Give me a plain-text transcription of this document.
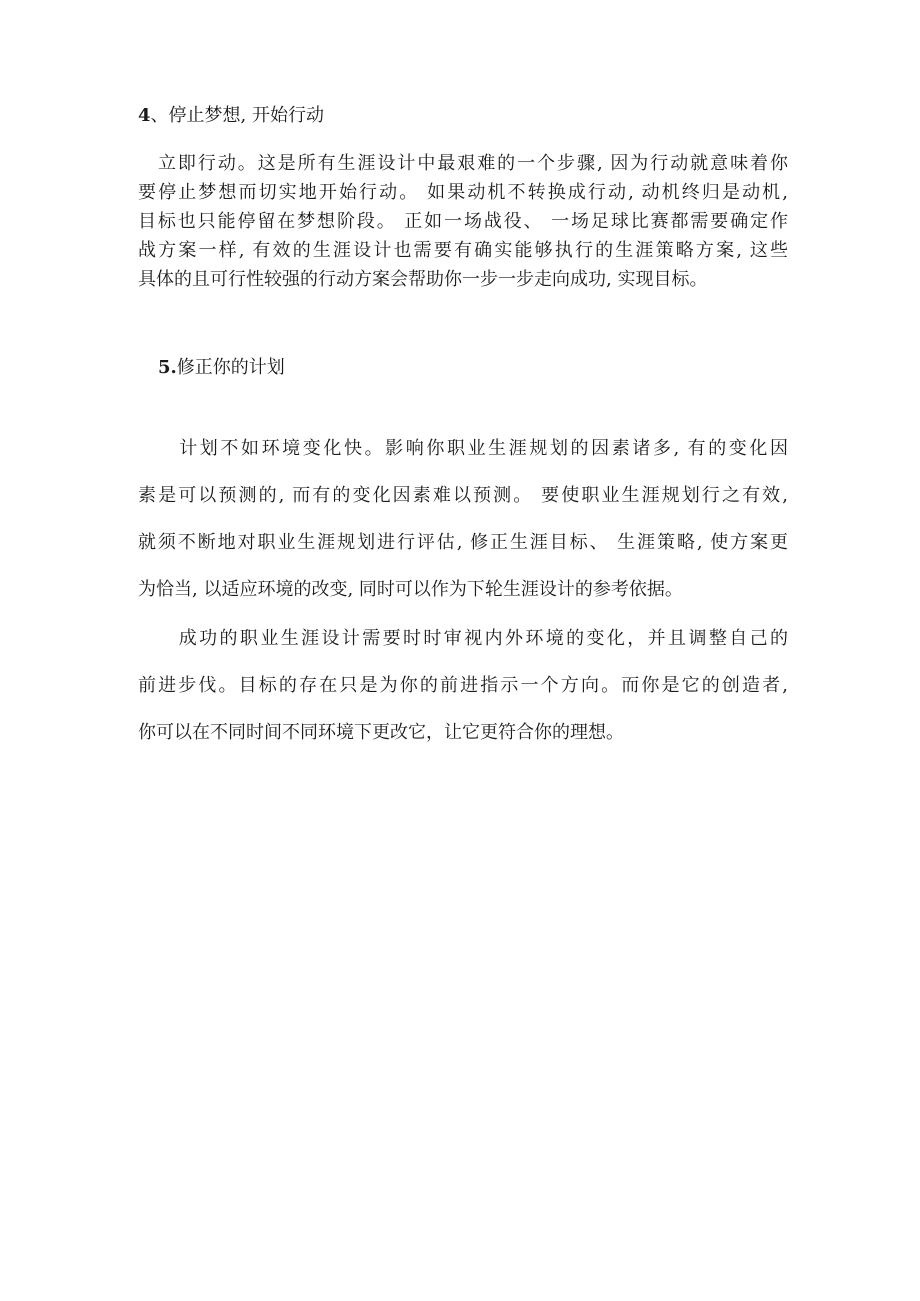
4、停止梦想, 开始行动
　立即行动。这是所有生涯设计中最艰难的一个步骤, 因为行动就意味着你
要停止梦想而切实地开始行动。 如果动机不转换成行动, 动机终归是动机,
目标也只能停留在梦想阶段。 正如一场战役、 一场足球比赛都需要确定作
战方案一样, 有效的生涯设计也需要有确实能够执行的生涯策略方案, 这些
具体的且可行性较强的行动方案会帮助你一步一步走向成功, 实现目标。
5.修正你的计划
　　计划不如环境变化快。影响你职业生涯规划的因素诸多, 有的变化因
素是可以预测的, 而有的变化因素难以预测。 要使职业生涯规划行之有效,
就须不断地对职业生涯规划进行评估, 修正生涯目标、 生涯策略, 使方案更
为恰当, 以适应环境的改变, 同时可以作为下轮生涯设计的参考依据。
　　成功的职业生涯设计需要时时审视内外环境的变化，并且调整自己的
前进步伐。目标的存在只是为你的前进指示一个方向。而你是它的创造者,
你可以在不同时间不同环境下更改它，让它更符合你的理想。
